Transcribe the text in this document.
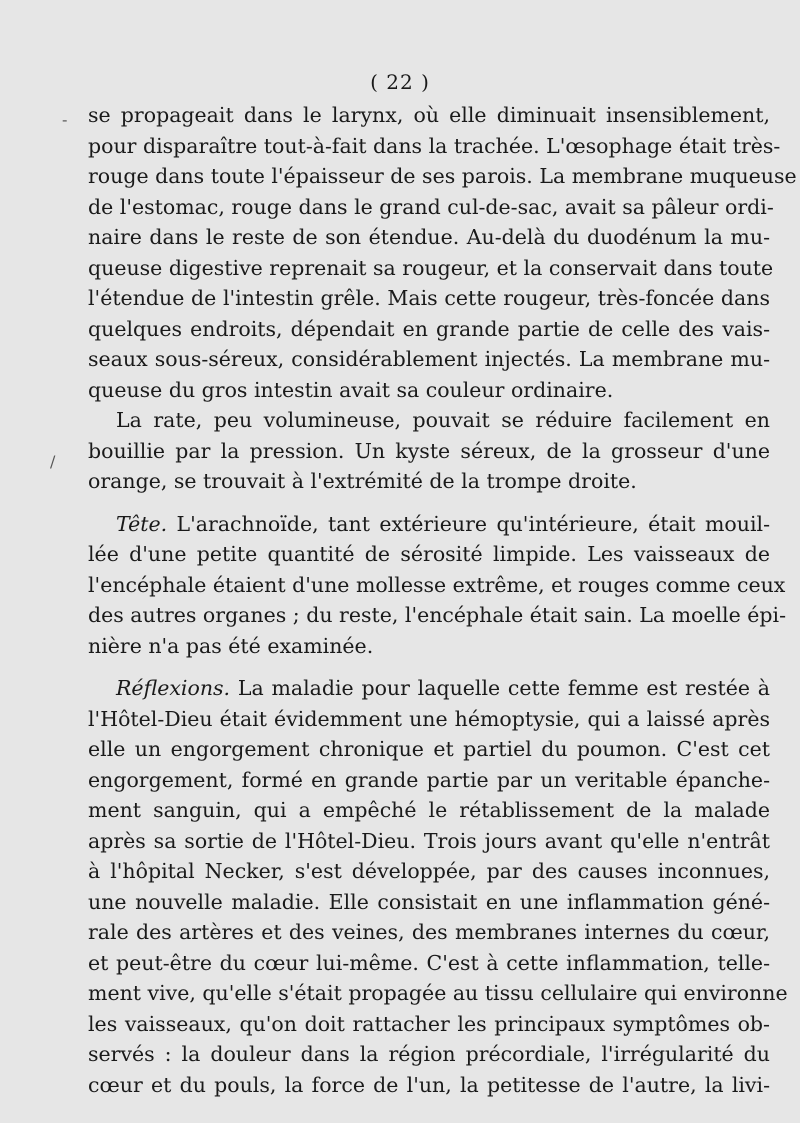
( 22 )
-
/
se propageait dans le larynx, où elle diminuait insensiblement,
pour disparaître tout-à-fait dans la trachée. L'œsophage était très-
rouge dans toute l'épaisseur de ses parois. La membrane muqueuse
de l'estomac, rouge dans le grand cul-de-sac, avait sa pâleur ordi-
naire dans le reste de son étendue. Au-delà du duodénum la mu-
queuse digestive reprenait sa rougeur, et la conservait dans toute
l'étendue de l'intestin grêle. Mais cette rougeur, très-foncée dans
quelques endroits, dépendait en grande partie de celle des vais-
seaux sous-séreux, considérablement injectés. La membrane mu-
queuse du gros intestin avait sa couleur ordinaire.
La rate, peu volumineuse, pouvait se réduire facilement en
bouillie par la pression. Un kyste séreux, de la grosseur d'une
orange, se trouvait à l'extrémité de la trompe droite.
Tête. L'arachnoïde, tant extérieure qu'intérieure, était mouil-
lée d'une petite quantité de sérosité limpide. Les vaisseaux de
l'encéphale étaient d'une mollesse extrême, et rouges comme ceux
des autres organes ; du reste, l'encéphale était sain. La moelle épi-
nière n'a pas été examinée.
Réflexions. La maladie pour laquelle cette femme est restée à
l'Hôtel-Dieu était évidemment une hémoptysie, qui a laissé après
elle un engorgement chronique et partiel du poumon. C'est cet
engorgement, formé en grande partie par un veritable épanche-
ment sanguin, qui a empêché le rétablissement de la malade
après sa sortie de l'Hôtel-Dieu. Trois jours avant qu'elle n'entrât
à l'hôpital Necker, s'est développée, par des causes inconnues,
une nouvelle maladie. Elle consistait en une inflammation géné-
rale des artères et des veines, des membranes internes du cœur,
et peut-être du cœur lui-même. C'est à cette inflammation, telle-
ment vive, qu'elle s'était propagée au tissu cellulaire qui environne
les vaisseaux, qu'on doit rattacher les principaux symptômes ob-
servés : la douleur dans la région précordiale, l'irrégularité du
cœur et du pouls, la force de l'un, la petitesse de l'autre, la livi-
